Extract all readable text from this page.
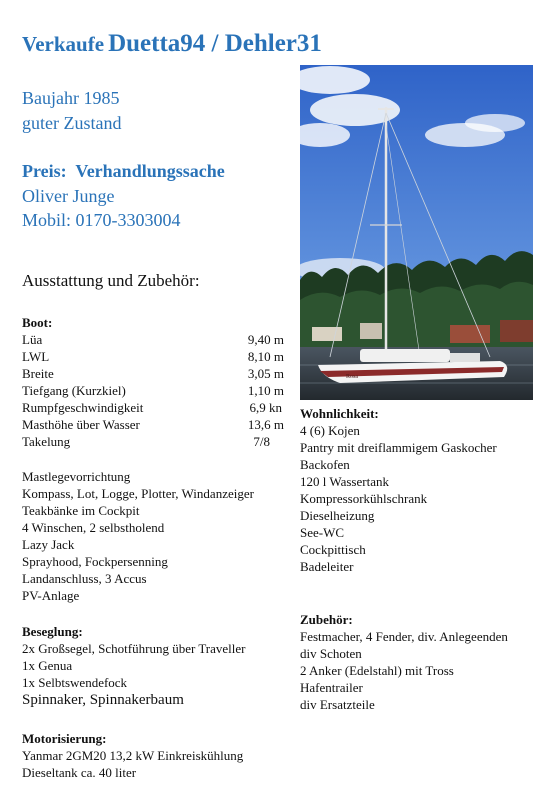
Verkaufe Duetta94 / Dehler31
Baujahr 1985
guter Zustand
Preis: Verhandlungssache
Oliver Junge
Mobil: 0170-3303004
Rosa
Ausstattung und Zubehör:
Boot:
Lüa	9,40 m
LWL	8,10 m
Breite	3,05 m
Tiefgang (Kurzkiel)	1,10 m
Rumpfgeschwindigkeit	6,9 kn
Masthöhe über Wasser	13,6 m
Takelung	7/8
Mastlegevorrichtung
Kompass, Lot, Logge, Plotter, Windanzeiger
Teakbänke im Cockpit
4 Winschen, 2 selbstholend
Lazy Jack
Sprayhood, Fockpersenning
Landanschluss, 3 Accus
PV-Anlage
Beseglung:
2x Großsegel, Schotführung über Traveller
1x Genua
1x Selbtswendefock
Spinnaker, Spinnakerbaum
Motorisierung:
Yanmar 2GM20 13,2 kW Einkreiskühlung
Dieseltank ca. 40 liter
Wohnlichkeit:
4 (6) Kojen
Pantry mit dreiflammigem Gaskocher
Backofen
120 l Wassertank
Kompressorkühlschrank
Dieselheizung
See-WC
Cockpittisch
Badeleiter
Zubehör:
Festmacher, 4 Fender, div. Anlegeenden
div Schoten
2 Anker (Edelstahl) mit Tross
Hafentrailer
div Ersatzteile
